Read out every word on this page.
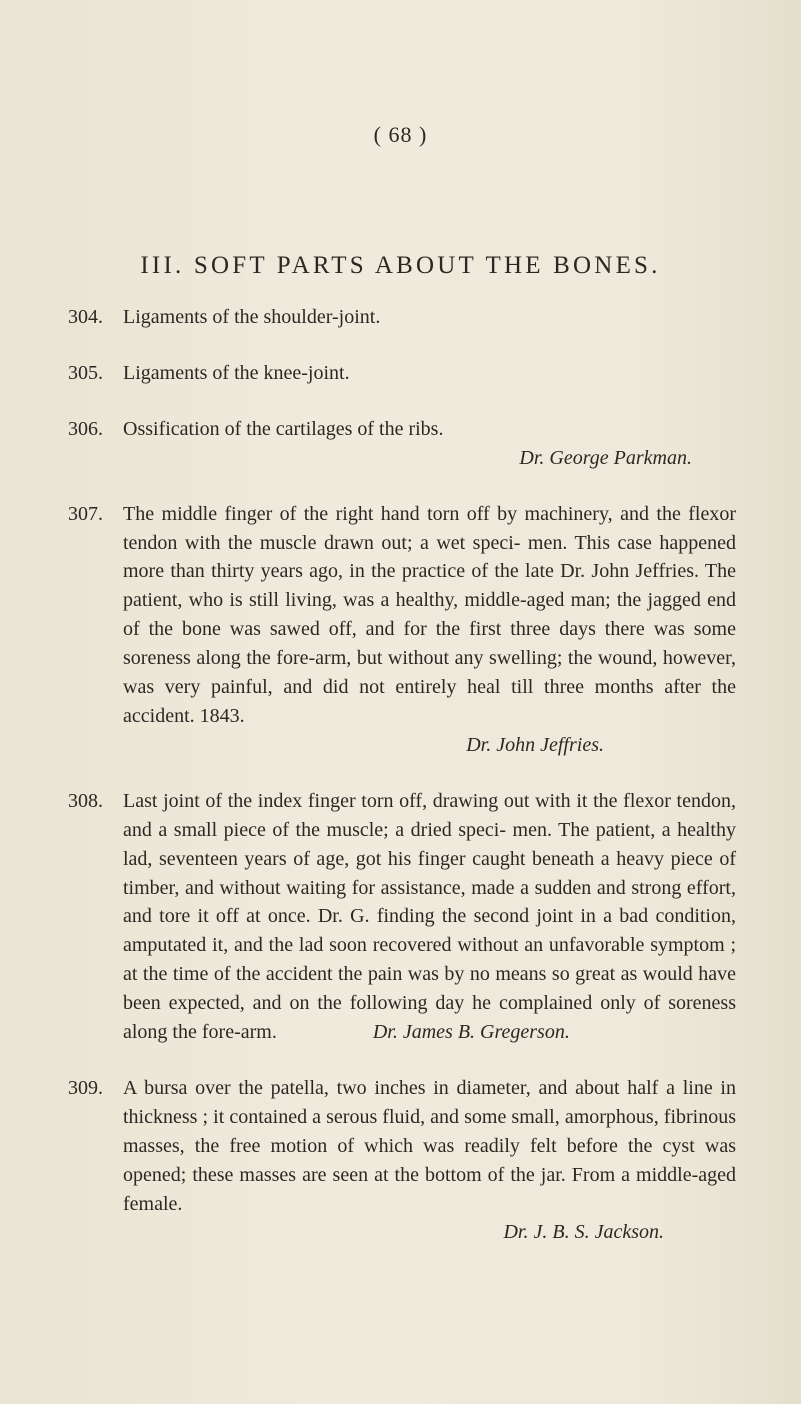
( 68 )
III. SOFT PARTS ABOUT THE BONES.
304. Ligaments of the shoulder-joint.
305. Ligaments of the knee-joint.
306. Ossification of the cartilages of the ribs.
Dr. George Parkman.
307. The middle finger of the right hand torn off by machinery, and the flexor tendon with the muscle drawn out; a wet speci- men. This case happened more than thirty years ago, in the practice of the late Dr. John Jeffries. The patient, who is still living, was a healthy, middle-aged man; the jagged end of the bone was sawed off, and for the first three days there was some soreness along the fore-arm, but without any swelling; the wound, however, was very painful, and did not entirely heal till three months after the accident. 1843.
Dr. John Jeffries.
308. Last joint of the index finger torn off, drawing out with it the flexor tendon, and a small piece of the muscle; a dried speci- men. The patient, a healthy lad, seventeen years of age, got his finger caught beneath a heavy piece of timber, and without waiting for assistance, made a sudden and strong effort, and tore it off at once. Dr. G. finding the second joint in a bad condition, amputated it, and the lad soon recovered without an unfavorable symptom ; at the time of the accident the pain was by no means so great as would have been expected, and on the following day he complained only of soreness along the fore-arm.	Dr. James B. Gregerson.
309. A bursa over the patella, two inches in diameter, and about half a line in thickness ; it contained a serous fluid, and some small, amorphous, fibrinous masses, the free motion of which was readily felt before the cyst was opened; these masses are seen at the bottom of the jar. From a middle-aged female.
Dr. J. B. S. Jackson.
